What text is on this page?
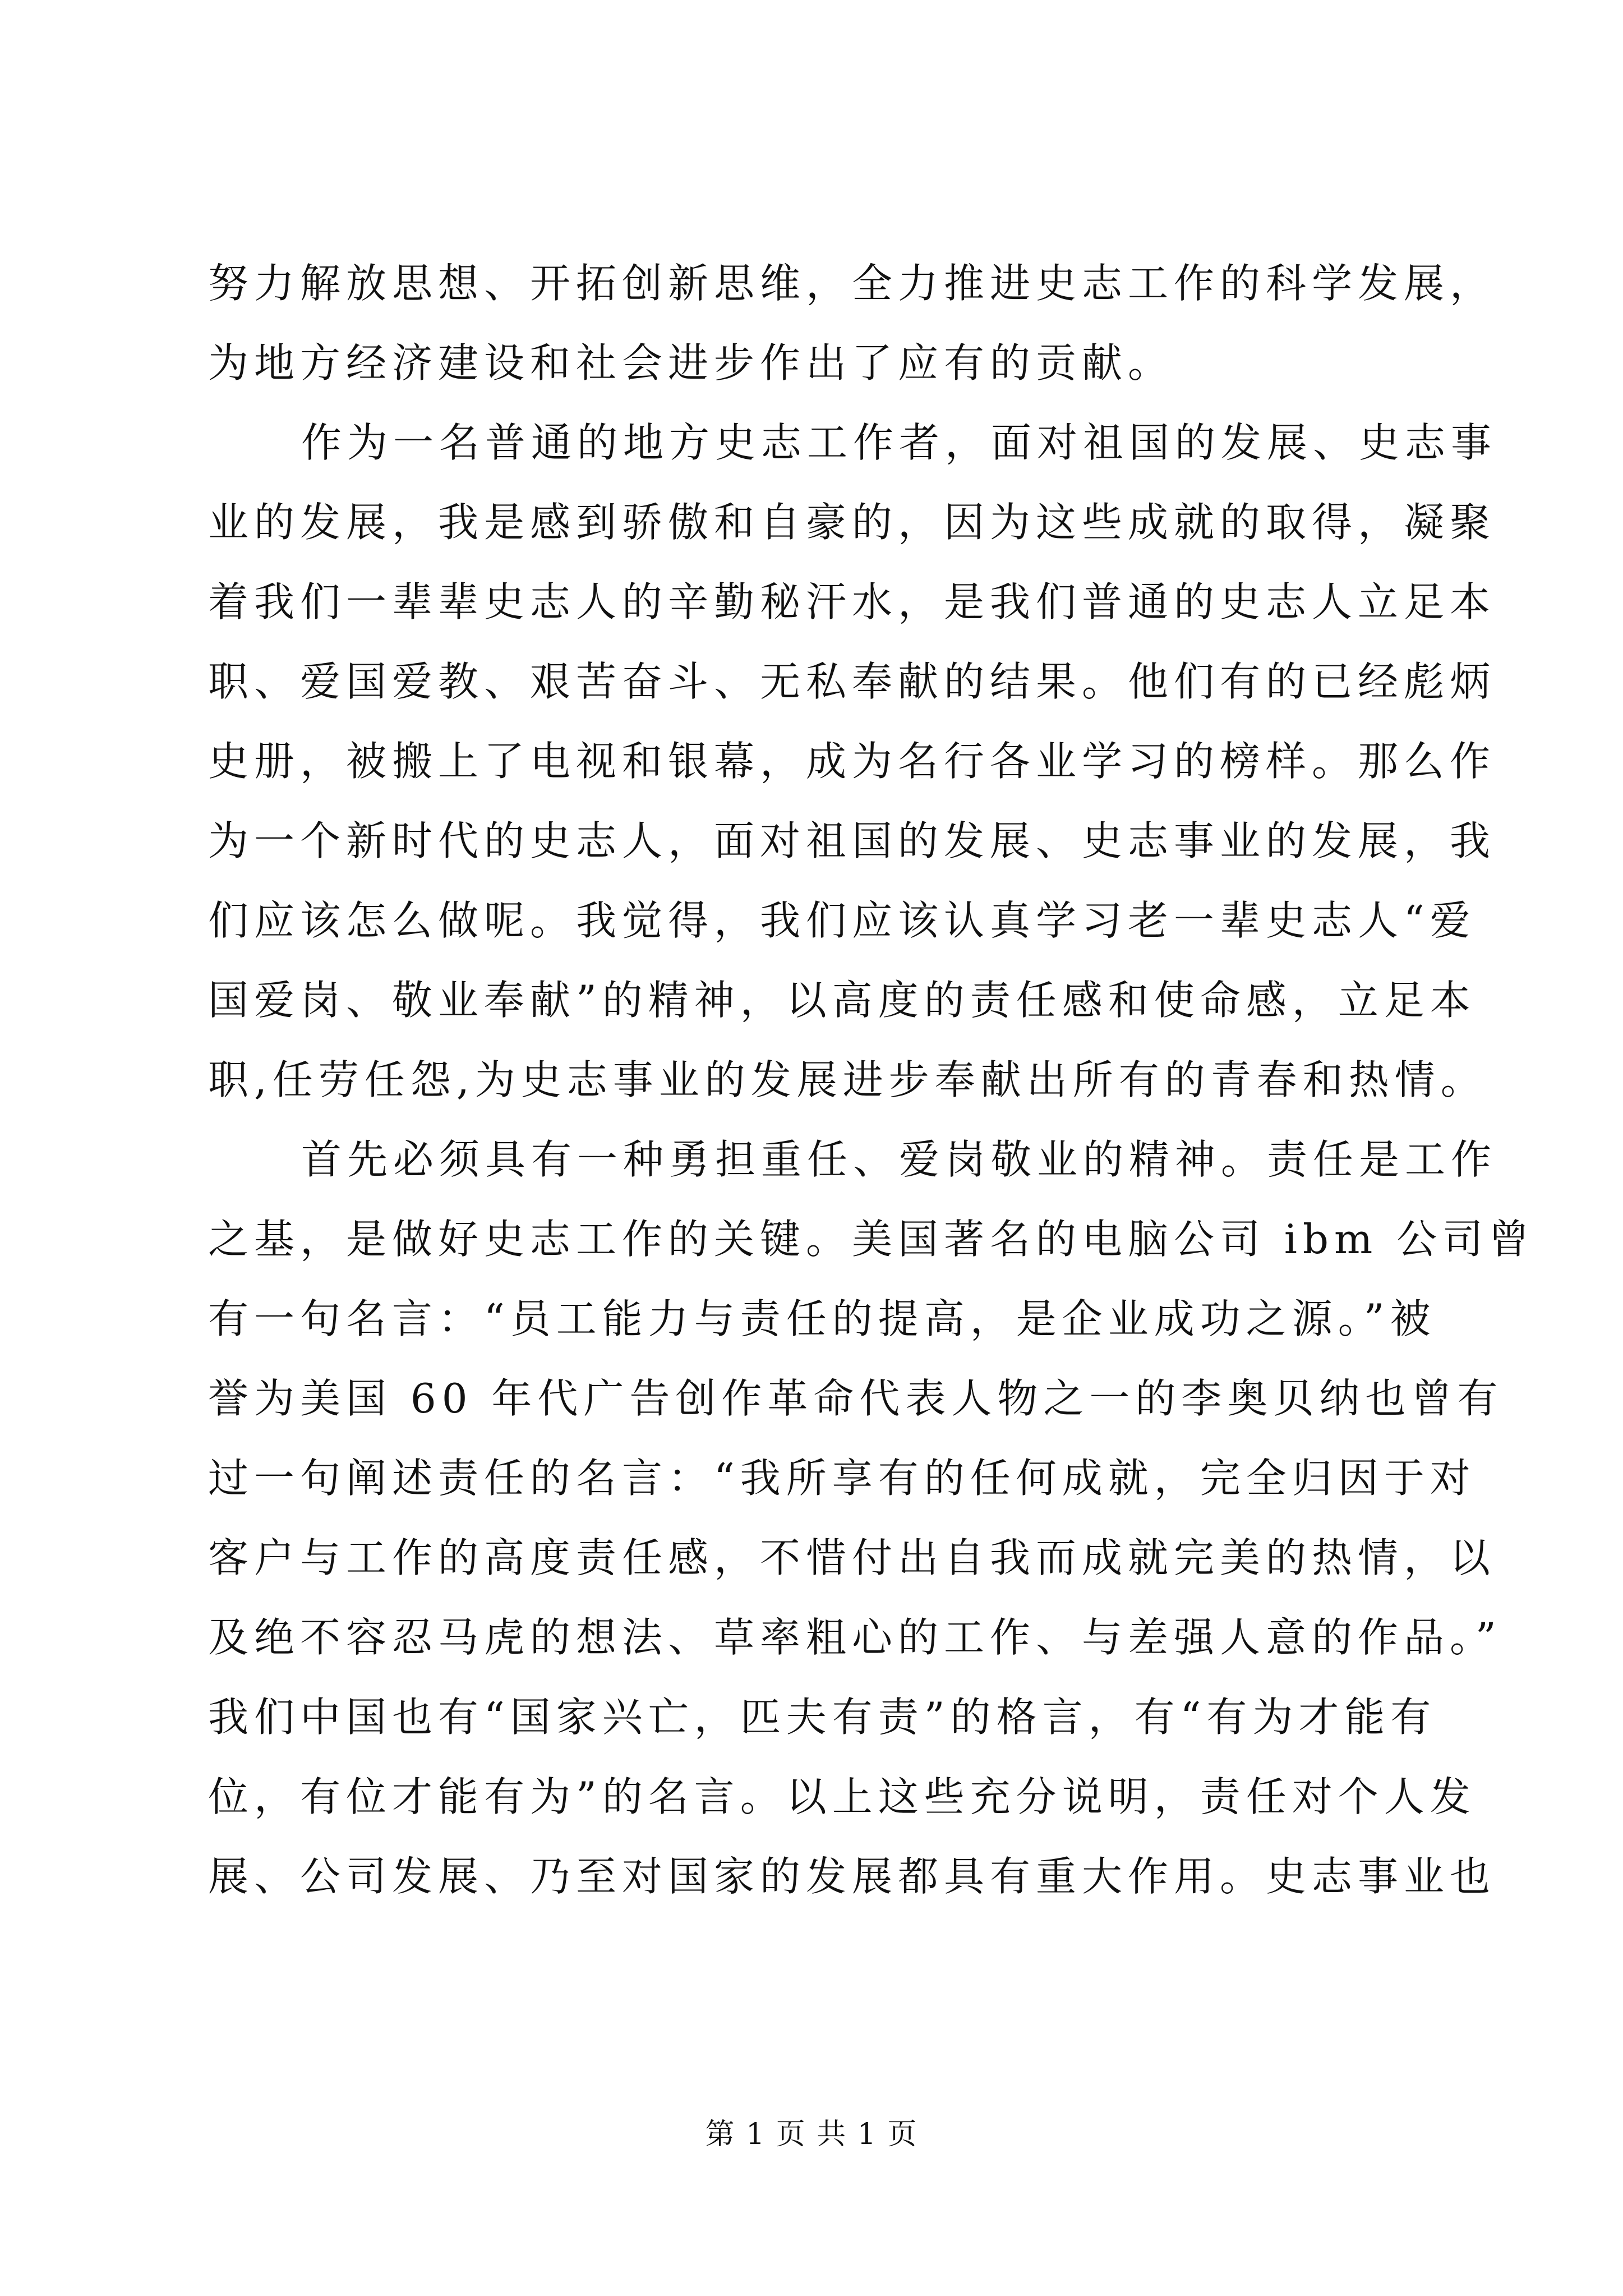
努力解放思想、开拓创新思维，全力推进史志工作的科学发展，
为地方经济建设和社会进步作出了应有的贡献。
作为一名普通的地方史志工作者，面对祖国的发展、史志事
业的发展，我是感到骄傲和自豪的，因为这些成就的取得，凝聚
着我们一辈辈史志人的辛勤秘汗水，是我们普通的史志人立足本
职、爱国爱教、艰苦奋斗、无私奉献的结果。他们有的已经彪炳
史册，被搬上了电视和银幕，成为名行各业学习的榜样。那么作
为一个新时代的史志人，面对祖国的发展、史志事业的发展，我
们应该怎么做呢。我觉得，我们应该认真学习老一辈史志人“爱
国爱岗、敬业奉献”的精神，以高度的责任感和使命感，立足本
职,任劳任怨,为史志事业的发展进步奉献出所有的青春和热情。
首先必须具有一种勇担重任、爱岗敬业的精神。责任是工作
之基，是做好史志工作的关键。美国著名的电脑公司 ibm 公司曾
有一句名言：“员工能力与责任的提高，是企业成功之源。”被
誉为美国 60 年代广告创作革命代表人物之一的李奥贝纳也曾有
过一句阐述责任的名言：“我所享有的任何成就，完全归因于对
客户与工作的高度责任感，不惜付出自我而成就完美的热情，以
及绝不容忍马虎的想法、草率粗心的工作、与差强人意的作品。”
我们中国也有“国家兴亡，匹夫有责”的格言，有“有为才能有
位，有位才能有为”的名言。以上这些充分说明，责任对个人发
展、公司发展、乃至对国家的发展都具有重大作用。史志事业也
第 1 页 共 1 页
